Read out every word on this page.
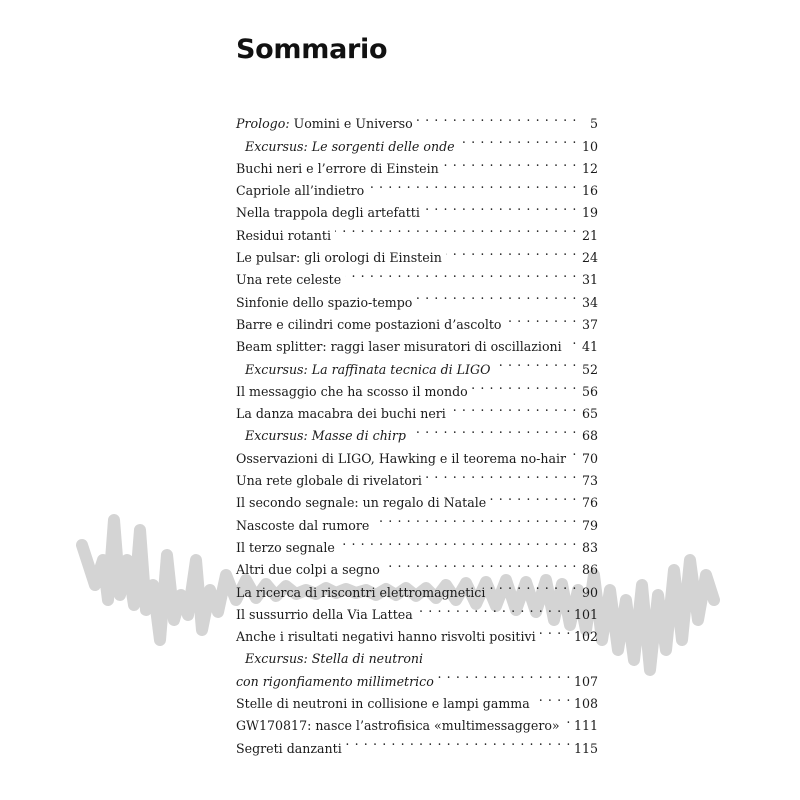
Sommario
Prologo: Uomini e Universo . . .	5
Excursus: Le sorgenti delle onde . . .	10
Buchi neri e l’errore di Einstein . . .	12
Capriole all’indietro . . .	16
Nella trappola degli artefatti . . .	19
Residui rotanti . . .	21
Le pulsar: gli orologi di Einstein . . .	24
Una rete celeste . . .	31
Sinfonie dello spazio-tempo . . .	34
Barre e cilindri come postazioni d’ascolto . . .	37
Beam splitter: raggi laser misuratori di oscillazioni . . . 41
Excursus: La raffinata tecnica di LIGO . . .	52
Il messaggio che ha scosso il mondo . . .	56
La danza macabra dei buchi neri . . .	65
Excursus: Masse di chirp . . .	68
Osservazioni di LIGO, Hawking e il teorema no-hair . . . 70
Una rete globale di rivelatori . . .	73
Il secondo segnale: un regalo di Natale . . .	76
Nascoste dal rumore . . .	79
Il terzo segnale . . .	83
Altri due colpi a segno . . .	86
La ricerca di riscontri elettromagnetici . . .	90
Il sussurrio della Via Lattea . . .	101
Anche i risultati negativi hanno risvolti positivi . . .	102
Excursus: Stella di neutroni
con rigonfiamento millimetrico . . .	107
Stelle di neutroni in collisione e lampi gamma . . .	108
GW170817: nasce l’astrofisica «multimessaggero» . . . 111
Segreti danzanti . . .	115
